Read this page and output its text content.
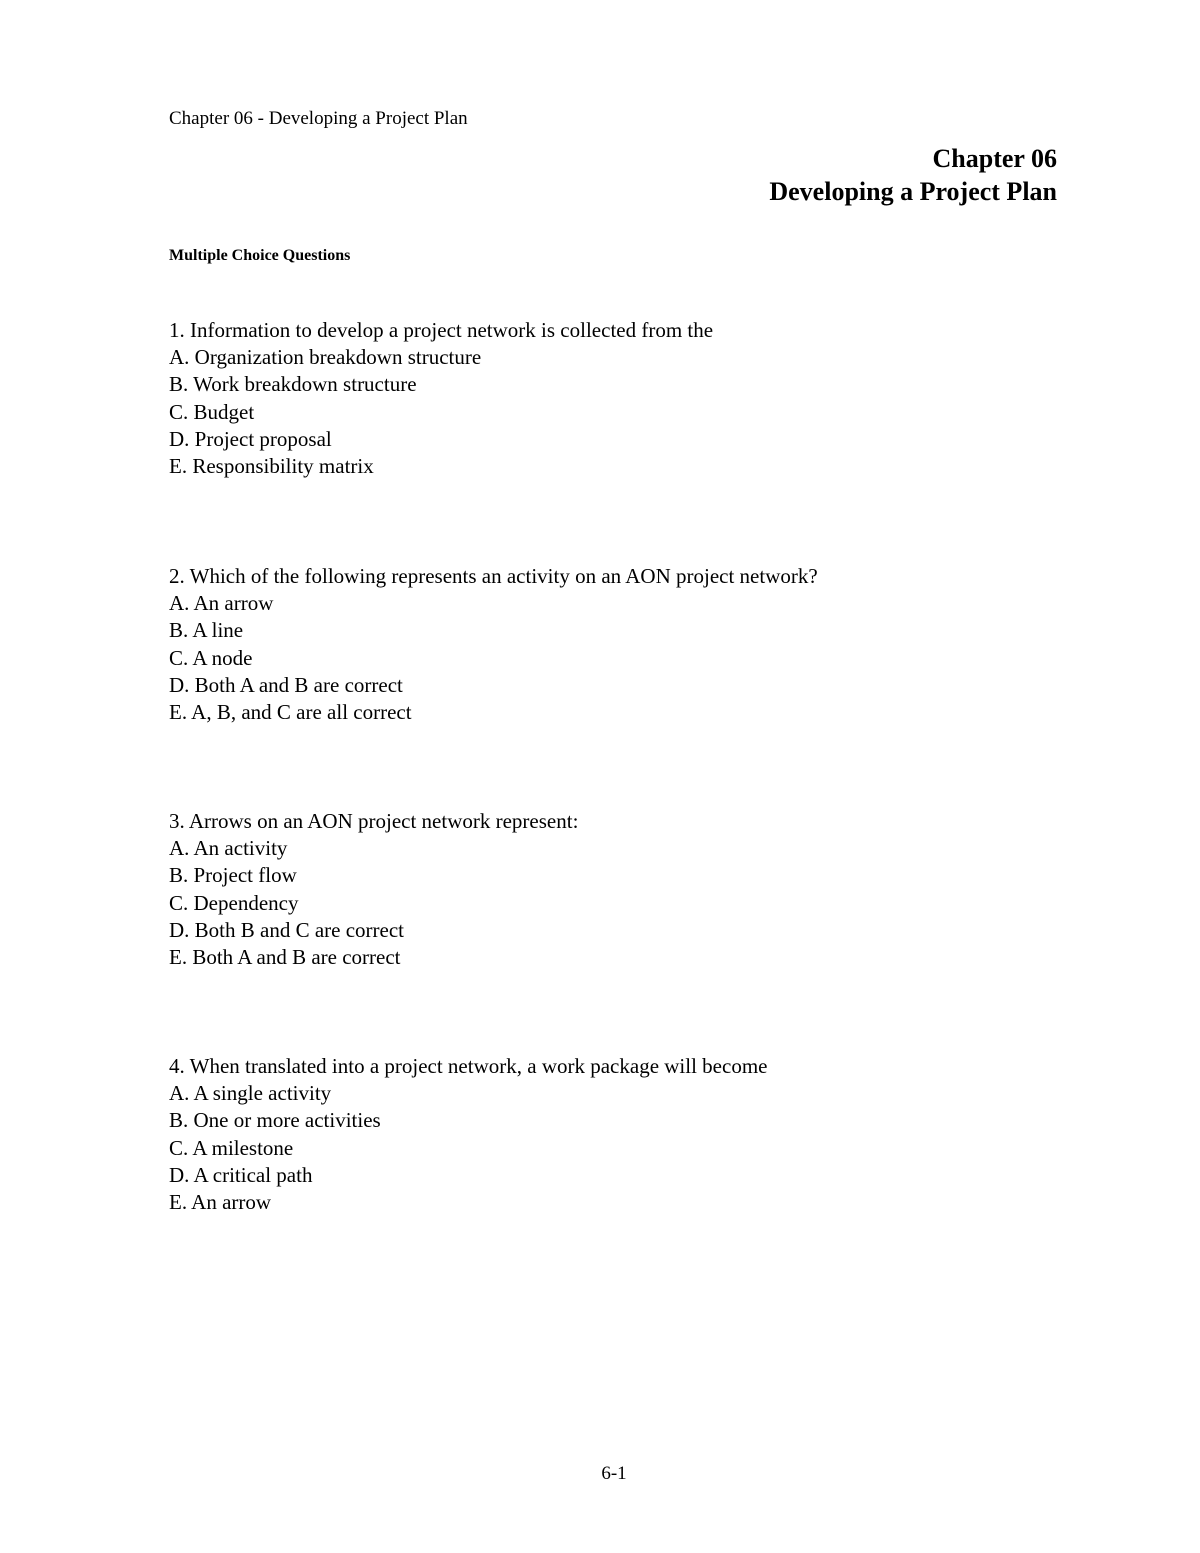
Chapter 06 - Developing a Project Plan
Chapter 06
Developing a Project Plan
Multiple Choice Questions
1. Information to develop a project network is collected from the
A. Organization breakdown structure
B. Work breakdown structure
C. Budget
D. Project proposal
E. Responsibility matrix
2. Which of the following represents an activity on an AON project network?
A. An arrow
B. A line
C. A node
D. Both A and B are correct
E. A, B, and C are all correct
3. Arrows on an AON project network represent:
A. An activity
B. Project flow
C. Dependency
D. Both B and C are correct
E. Both A and B are correct
4. When translated into a project network, a work package will become
A. A single activity
B. One or more activities
C. A milestone
D. A critical path
E. An arrow
6-1
